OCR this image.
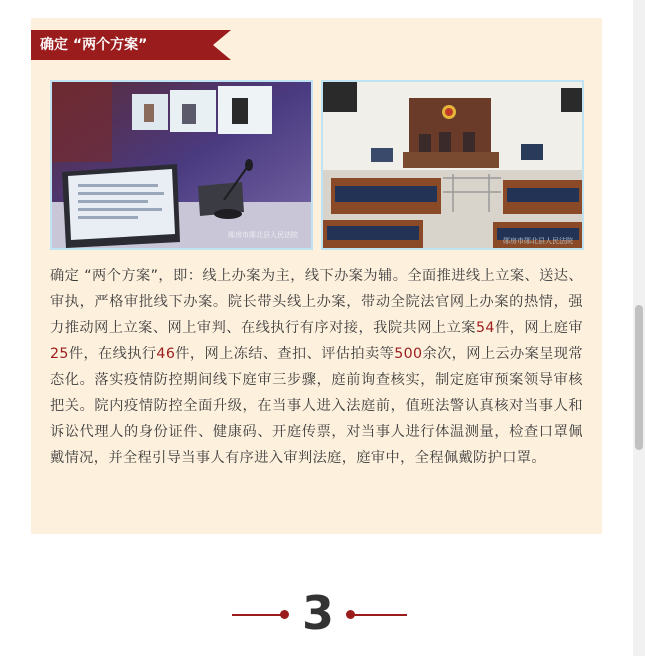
确定 “两个方案”
郧房市郧北县人民法院
郧房市郧北县人民法院

确定 “两个方案”，即：线上办案为主，线下办案为辅。全面推进线上立案、送达、审执，严格审批线下办案。院长带头线上办案，带动全院法官网上办案的热情，强力推动网上立案、网上审判、在线执行有序对接，我院共网上立案54件，网上庭审25件，在线执行46件，网上冻结、查扣、评估拍卖等500余次，网上云办案呈现常态化。落实疫情防控期间线下庭审三步骤，庭前询查核实，制定庭审预案领导审核把关。院内疫情防控全面升级，在当事人进入法庭前，值班法警认真核对当事人和诉讼代理人的身份证件、健康码、开庭传票，对当事人进行体温测量，检查口罩佩戴情况，并全程引导当事人有序进入审判法庭，庭审中，全程佩戴防护口罩。

3
